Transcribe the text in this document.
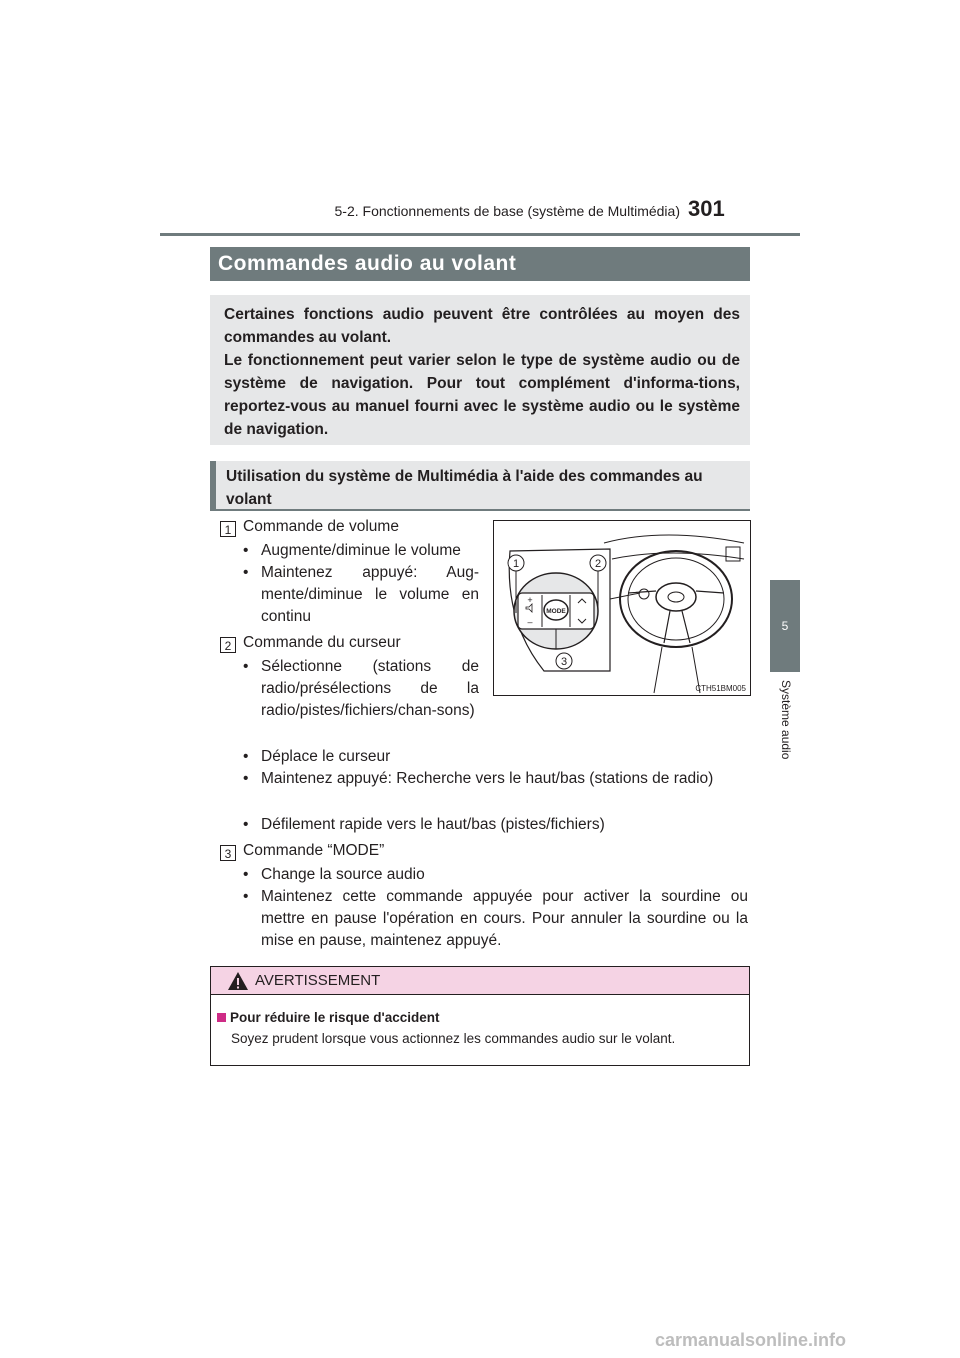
5-2. Fonctionnements de base (système de Multimédia) 301
5
Système audio
Commandes audio au volant

Certaines fonctions audio peuvent être contrôlées au moyen des commandes au volant.

Le fonctionnement peut varier selon le type de système audio ou de système de navigation. Pour tout complément d'informa-tions, reportez-vous au manuel fourni avec le système audio ou le système de navigation.

Utilisation du système de Multimédia à l'aide des commandes au volant
1 Commande de volume
• Augmente/diminue le volume
• Maintenez appuyé: Aug-mente/diminue le volume en continu
2 Commande du curseur
• Sélectionne (stations de radio/présélections de la radio/pistes/fichiers/chan-sons)
• Déplace le curseur
• Maintenez appuyé: Recherche vers le haut/bas (stations de radio)
• Défilement rapide vers le haut/bas (pistes/fichiers)
3 Commande “MODE”
• Change la source audio
• Maintenez cette commande appuyée pour activer la sourdine ou mettre en pause l'opération en cours. Pour annuler la sourdine ou la mise en pause, maintenez appuyé.
MODE
+
–
1	2
3
CTH51BM005
AVERTISSEMENT
Pour réduire le risque d'accident
Soyez prudent lorsque vous actionnez les commandes audio sur le volant.
carmanualsonline.info
